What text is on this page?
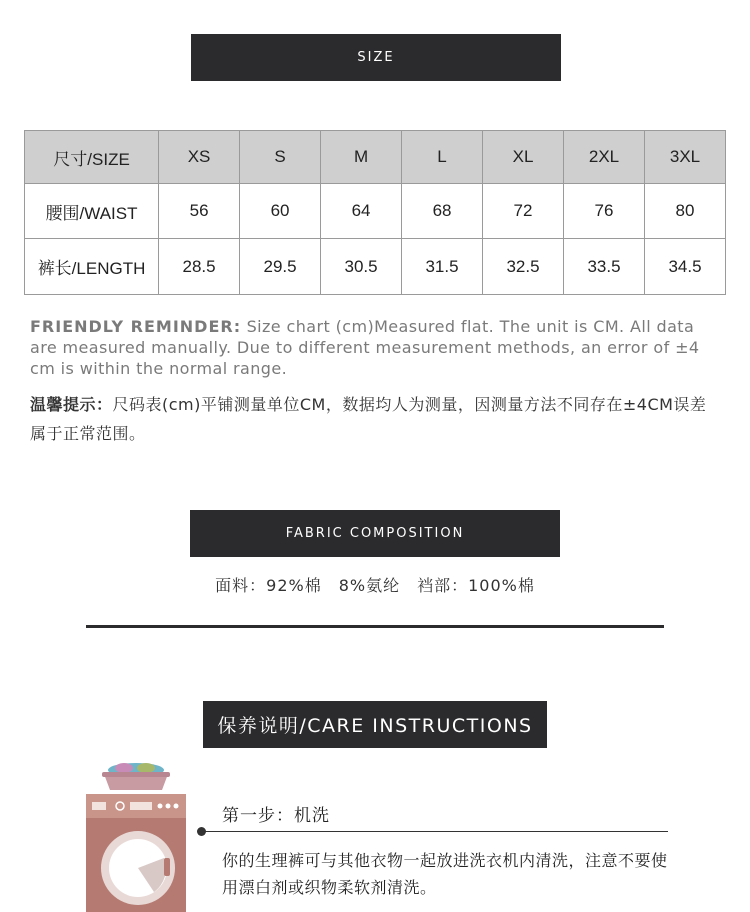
SIZE
尺寸/SIZE	XS	S	M	L	XL	2XL	3XL
腰围/WAIST	56	60	64	68	72	76	80
裤长/LENGTH	28.5	29.5	30.5	31.5	32.5	33.5	34.5
FRIENDLY REMINDER: Size chart (cm)Measured flat. The unit is CM. All data are measured manually. Due to different measurement methods, an error of ±4 cm is within the normal range.
温馨提示：尺码表(cm)平铺测量单位CM，数据均人为测量，因测量方法不同存在±4CM误差属于正常范围。
FABRIC COMPOSITION
面料：92%棉　8%氨纶　裆部：100%棉
保养说明/CARE INSTRUCTIONS
第一步：机洗
你的生理裤可与其他衣物一起放进洗衣机内清洗，注意不要使用漂白剂或织物柔软剂清洗。
